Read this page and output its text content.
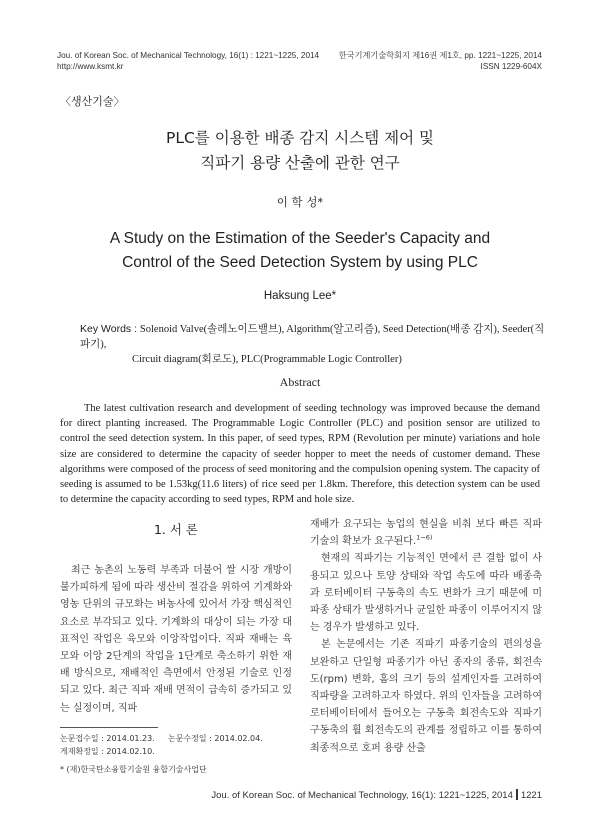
Jou. of Korean Soc. of Mechanical Technology, 16(1) : 1221~1225, 2014
http://www.ksmt.kr
한국기계기술학회지 제16권 제1호, pp. 1221~1225, 2014
ISSN 1229-604X
〈생산기술〉
PLC를 이용한 배종 감지 시스템 제어 및
직파기 용량 산출에 관한 연구
이 학 성*
A Study on the Estimation of the Seeder's Capacity and
Control of the Seed Detection System by using PLC
Haksung Lee*
Key Words : Solenoid Valve(솔레노이드밸브), Algorithm(알고리즘), Seed Detection(배종 감지), Seeder(직파기),
Circuit diagram(회로도), PLC(Programmable Logic Controller)
Abstract
The latest cultivation research and development of seeding technology was improved because the demand for direct planting increased. The Programmable Logic Controller (PLC) and position sensor are utilized to control the seed detection system. In this paper, of seed types, RPM (Revolution per minute) variations and hole size are considered to determine the capacity of seeder hopper to meet the needs of customer demand. These algorithms were composed of the process of seed monitoring and the compulsion opening system. The capacity of seeding is assumed to be 1.53kg(11.6 liters) of rice seed per 1.8km. Therefore, this detection system can be used to determine the capacity according to seed types, RPM and hole size.
1. 서 론

최근 농촌의 노동력 부족과 더불어 쌀 시장 개방이 불가피하게 됨에 따라 생산비 절감을 위하여 기계화와 영농 단위의 규모화는 벼농사에 있어서 가장 핵심적인 요소로 부각되고 있다. 기계화의 대상이 되는 가장 대표적인 작업은 육모와 이앙작업이다. 직파 재배는 육모와 이앙 2단계의 작업을 1단계로 축소하기 위한 재배 방식으로, 재배적인 측면에서 안정된 기술로 인정되고 있다. 최근 직파 재배 면적이 급속히 증가되고 있는 실정이며, 직파

재배가 요구되는 농업의 현실을 비춰 보다 빠른 직파 기술의 확보가 요구된다.$^{1\sim 6)}$

현재의 직파기는 기능적인 면에서 큰 결함 없이 사용되고 있으나 토양 상태와 작업 속도에 따라 배종축과 로터베이터 구동축의 속도 변화가 크기 때문에 미파종 상태가 발생하거나 균일한 파종이 이루어지지 않는 경우가 발생하고 있다.

본 논문에서는 기존 직파기 파종기술의 편의성을 보완하고 단일형 파종기가 아닌 종자의 종류, 회전속도(rpm) 변화, 홈의 크기 등의 설계인자를 고려하여 직파량을 고려하고자 하였다. 위의 인자들을 고려하여 로터베이터에서 들어오는 구동축 회전속도와 직파기 구동축의 휠 회전속도의 관계를 정립하고 이를 통하여 최종적으로 호퍼 용량 산출

논문접수일 : 2014.01.23. 논문수정일 : 2014.02.04.
게재확정일 : 2014.02.10.
* (재)한국탄소융합기술원 융합기술사업단
Jou. of Korean Soc. of Mechanical Technology, 16(1): 1221~1225, 2014 1221
